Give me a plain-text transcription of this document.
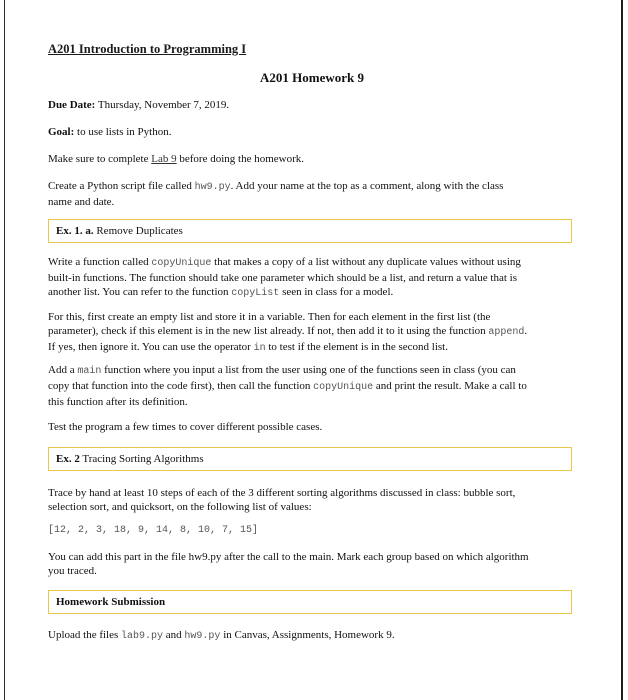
A201 Introduction to Programming I
A201 Homework 9
Due Date: Thursday, November 7, 2019.
Goal: to use lists in Python.
Make sure to complete Lab 9 before doing the homework.
Create a Python script file called hw9.py. Add your name at the top as a comment, along with the class
name and date.
Ex. 1. a. Remove Duplicates
Write a function called copyUnique that makes a copy of a list without any duplicate values without using
built-in functions. The function should take one parameter which should be a list, and return a value that is
another list. You can refer to the function copyList seen in class for a model.
For this, first create an empty list and store it in a variable. Then for each element in the first list (the
parameter), check if this element is in the new list already. If not, then add it to it using the function append.
If yes, then ignore it. You can use the operator in to test if the element is in the second list.
Add a main function where you input a list from the user using one of the functions seen in class (you can
copy that function into the code first), then call the function copyUnique and print the result. Make a call to
this function after its definition.
Test the program a few times to cover different possible cases.
Ex. 2 Tracing Sorting Algorithms
Trace by hand at least 10 steps of each of the 3 different sorting algorithms discussed in class: bubble sort,
selection sort, and quicksort, on the following list of values:
[12, 2, 3, 18, 9, 14, 8, 10, 7, 15]
You can add this part in the file hw9.py after the call to the main. Mark each group based on which algorithm
you traced.
Homework Submission
Upload the files lab9.py and hw9.py in Canvas, Assignments, Homework 9.
